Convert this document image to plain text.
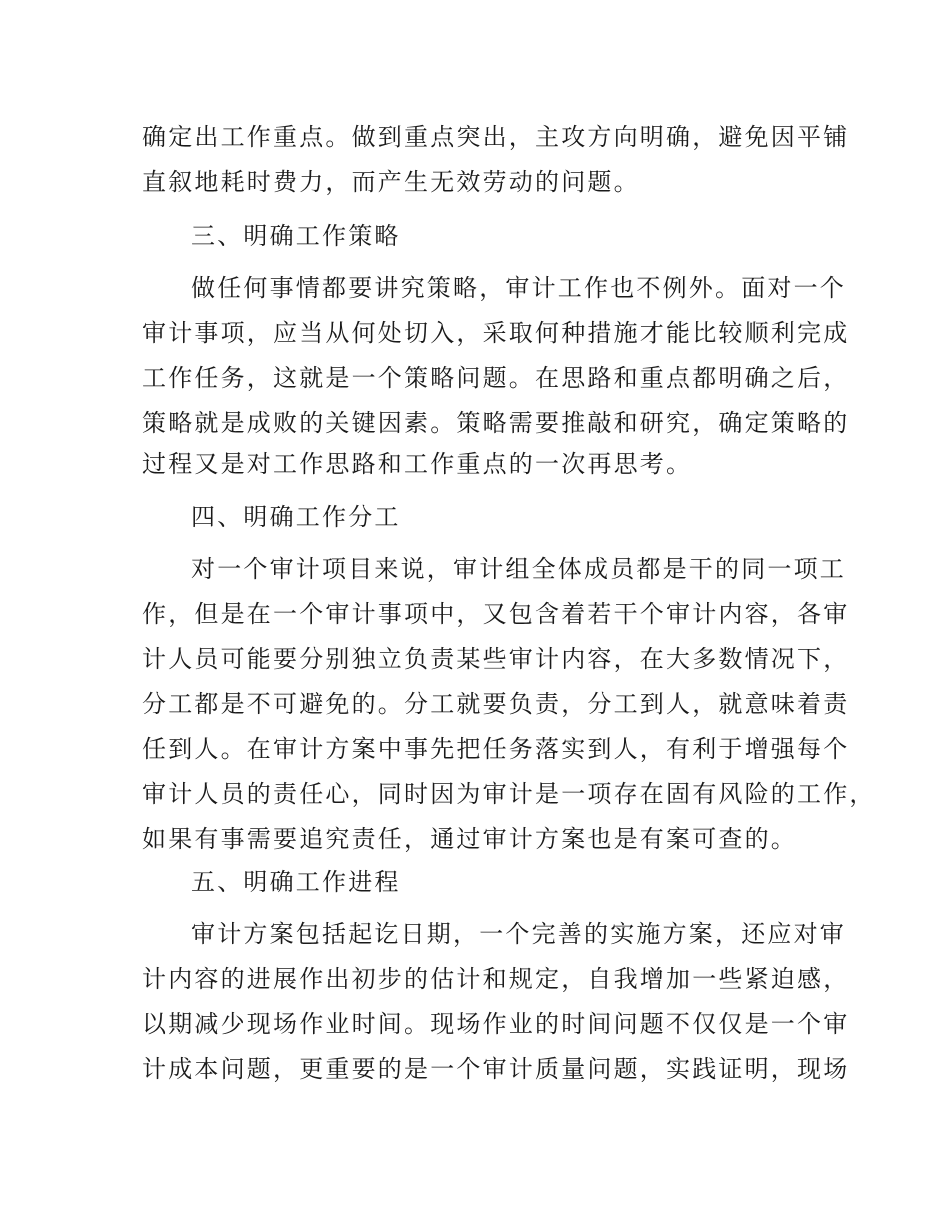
确定出工作重点。做到重点突出，主攻方向明确，避免因平铺
直叙地耗时费力，而产生无效劳动的问题。
三、明确工作策略
做任何事情都要讲究策略，审计工作也不例外。面对一个
审计事项，应当从何处切入，采取何种措施才能比较顺利完成
工作任务，这就是一个策略问题。在思路和重点都明确之后，
策略就是成败的关键因素。策略需要推敲和研究，确定策略的
过程又是对工作思路和工作重点的一次再思考。
四、明确工作分工
对一个审计项目来说，审计组全体成员都是干的同一项工
作，但是在一个审计事项中，又包含着若干个审计内容，各审
计人员可能要分别独立负责某些审计内容，在大多数情况下，
分工都是不可避免的。分工就要负责，分工到人，就意味着责
任到人。在审计方案中事先把任务落实到人，有利于增强每个
审计人员的责任心，同时因为审计是一项存在固有风险的工作，
如果有事需要追究责任，通过审计方案也是有案可查的。
五、明确工作进程
审计方案包括起讫日期，一个完善的实施方案，还应对审
计内容的进展作出初步的估计和规定，自我增加一些紧迫感，
以期减少现场作业时间。现场作业的时间问题不仅仅是一个审
计成本问题，更重要的是一个审计质量问题，实践证明，现场
